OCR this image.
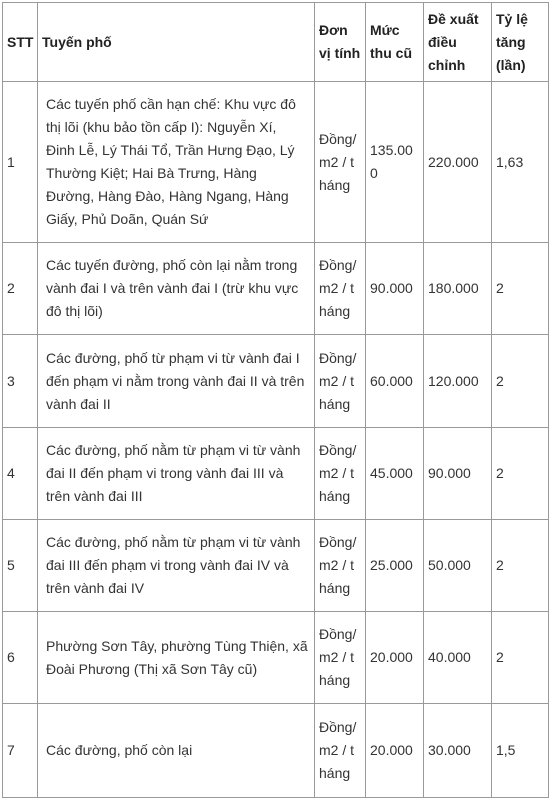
STT	Tuyến phố	Đơn vị tính	Mức thu cũ	Đề xuất điều chỉnh	Tỷ lệ tăng (lần)
1	Các tuyến phố cần hạn chế: Khu vực đô thị lõi (khu bảo tồn cấp I): Nguyễn Xí, Đinh Lễ, Lý Thái Tổ, Trần Hưng Đạo, Lý Thường Kiệt; Hai Bà Trưng, Hàng Đường, Hàng Đào, Hàng Ngang, Hàng Giấy, Phủ Doãn, Quán Sứ	Đồng/ m2 / tháng	135.000	220.000	1,63
2	Các tuyến đường, phố còn lại nằm trong vành đai I và trên vành đai I (trừ khu vực đô thị lõi)	Đồng/ m2 / tháng	90.000	180.000	2
3	Các đường, phố từ phạm vi từ vành đai I đến phạm vi nằm trong vành đai II và trên vành đai II	Đồng/ m2 / tháng	60.000	120.000	2
4	Các đường, phố nằm từ phạm vi từ vành đai II đến phạm vi trong vành đai III và trên vành đai III	Đồng/ m2 / tháng	45.000	90.000	2
5	Các đường, phố nằm từ phạm vi từ vành đai III đến phạm vi trong vành đai IV và trên vành đai IV	Đồng/ m2 / tháng	25.000	50.000	2
6	Phường Sơn Tây, phường Tùng Thiện, xã Đoài Phương (Thị xã Sơn Tây cũ)	Đồng/ m2 / tháng	20.000	40.000	2
7	Các đường, phố còn lại	Đồng/ m2 / tháng	20.000	30.000	1,5
